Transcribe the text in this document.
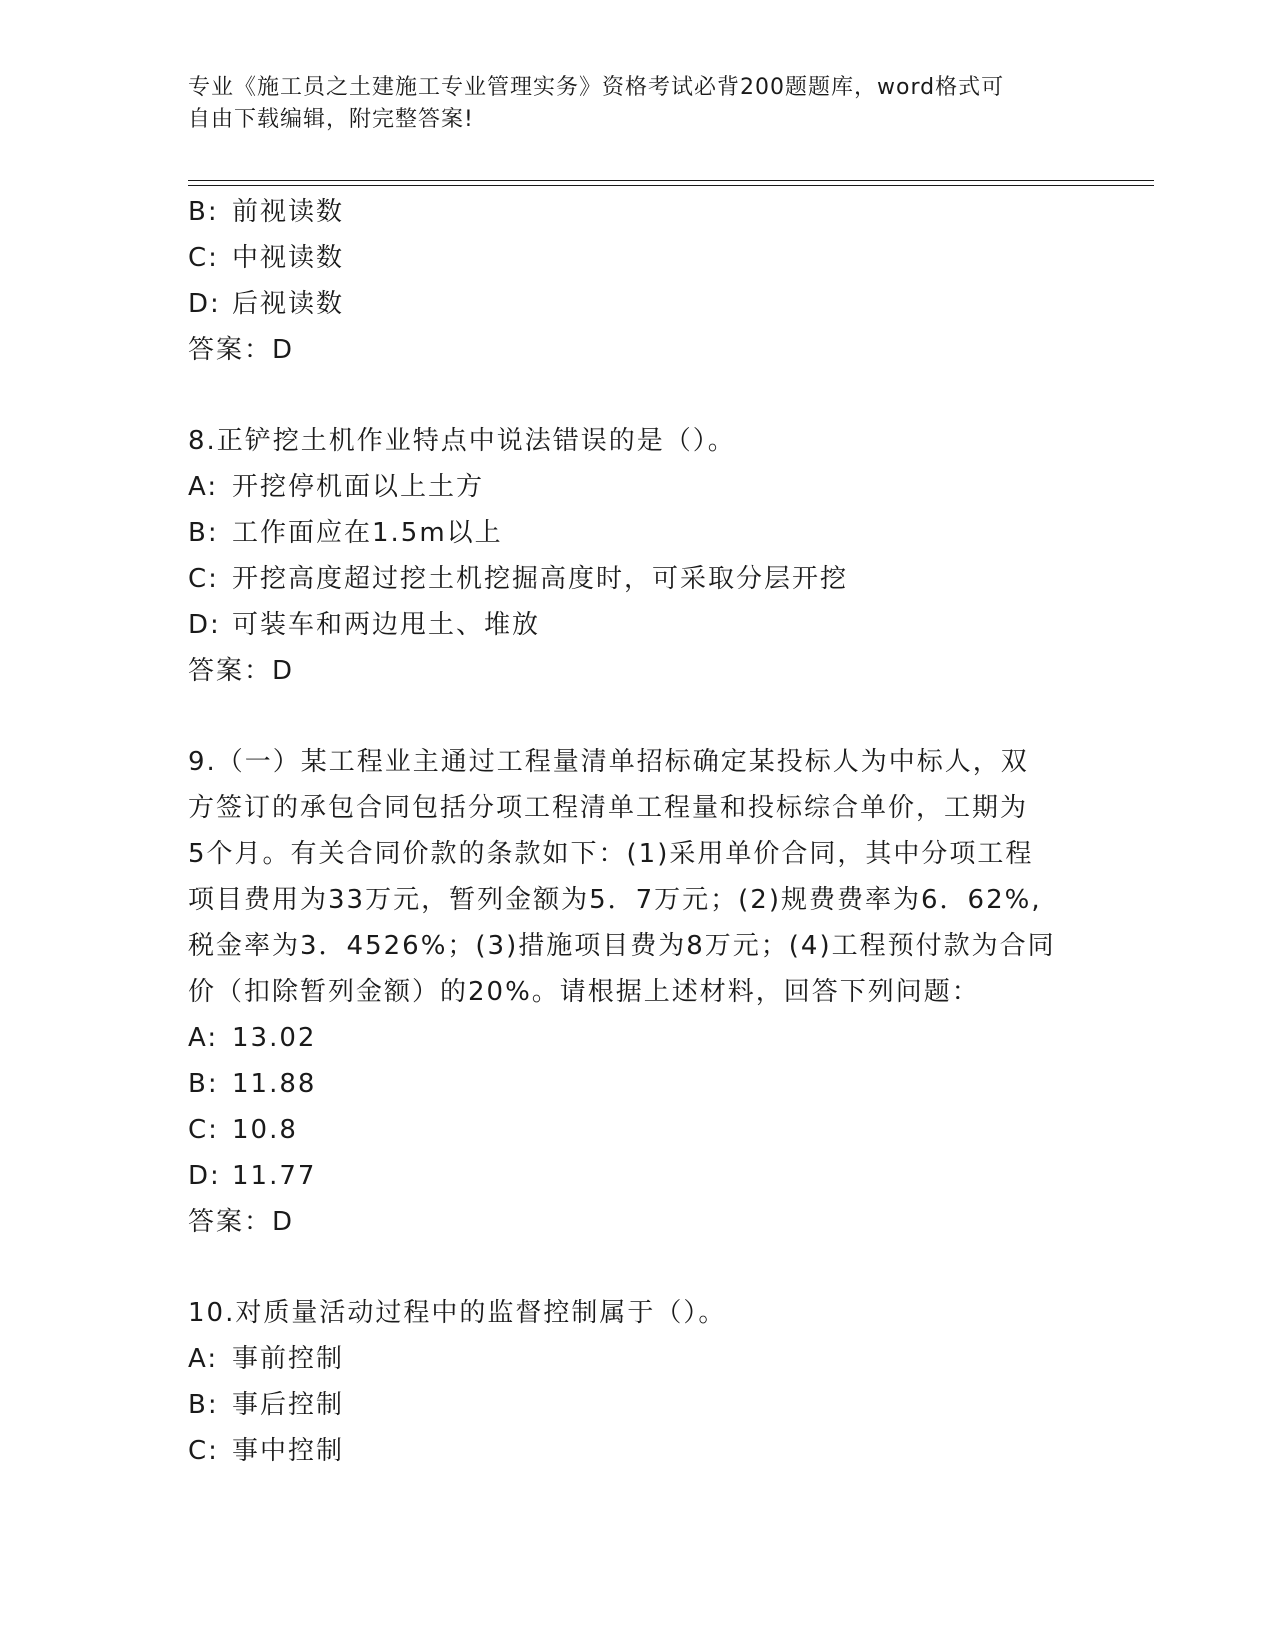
专业《施工员之土建施工专业管理实务》资格考试必背200题题库，word格式可
自由下载编辑，附完整答案!
B: 前视读数
C: 中视读数
D: 后视读数
答案：D
8.正铲挖土机作业特点中说法错误的是（）。
A: 开挖停机面以上土方
B: 工作面应在1.5m以上
C: 开挖高度超过挖土机挖掘高度时，可采取分层开挖
D: 可装车和两边甩土、堆放
答案：D
9.（一）某工程业主通过工程量清单招标确定某投标人为中标人，双
方签订的承包合同包括分项工程清单工程量和投标综合单价，工期为
5个月。有关合同价款的条款如下：(1)采用单价合同，其中分项工程
项目费用为33万元，暂列金额为5．7万元；(2)规费费率为6．62%,
税金率为3．4526%；(3)措施项目费为8万元；(4)工程预付款为合同
价（扣除暂列金额）的20%。请根据上述材料，回答下列问题：
A: 13.02
B: 11.88
C: 10.8
D: 11.77
答案：D
10.对质量活动过程中的监督控制属于（）。
A: 事前控制
B: 事后控制
C: 事中控制
